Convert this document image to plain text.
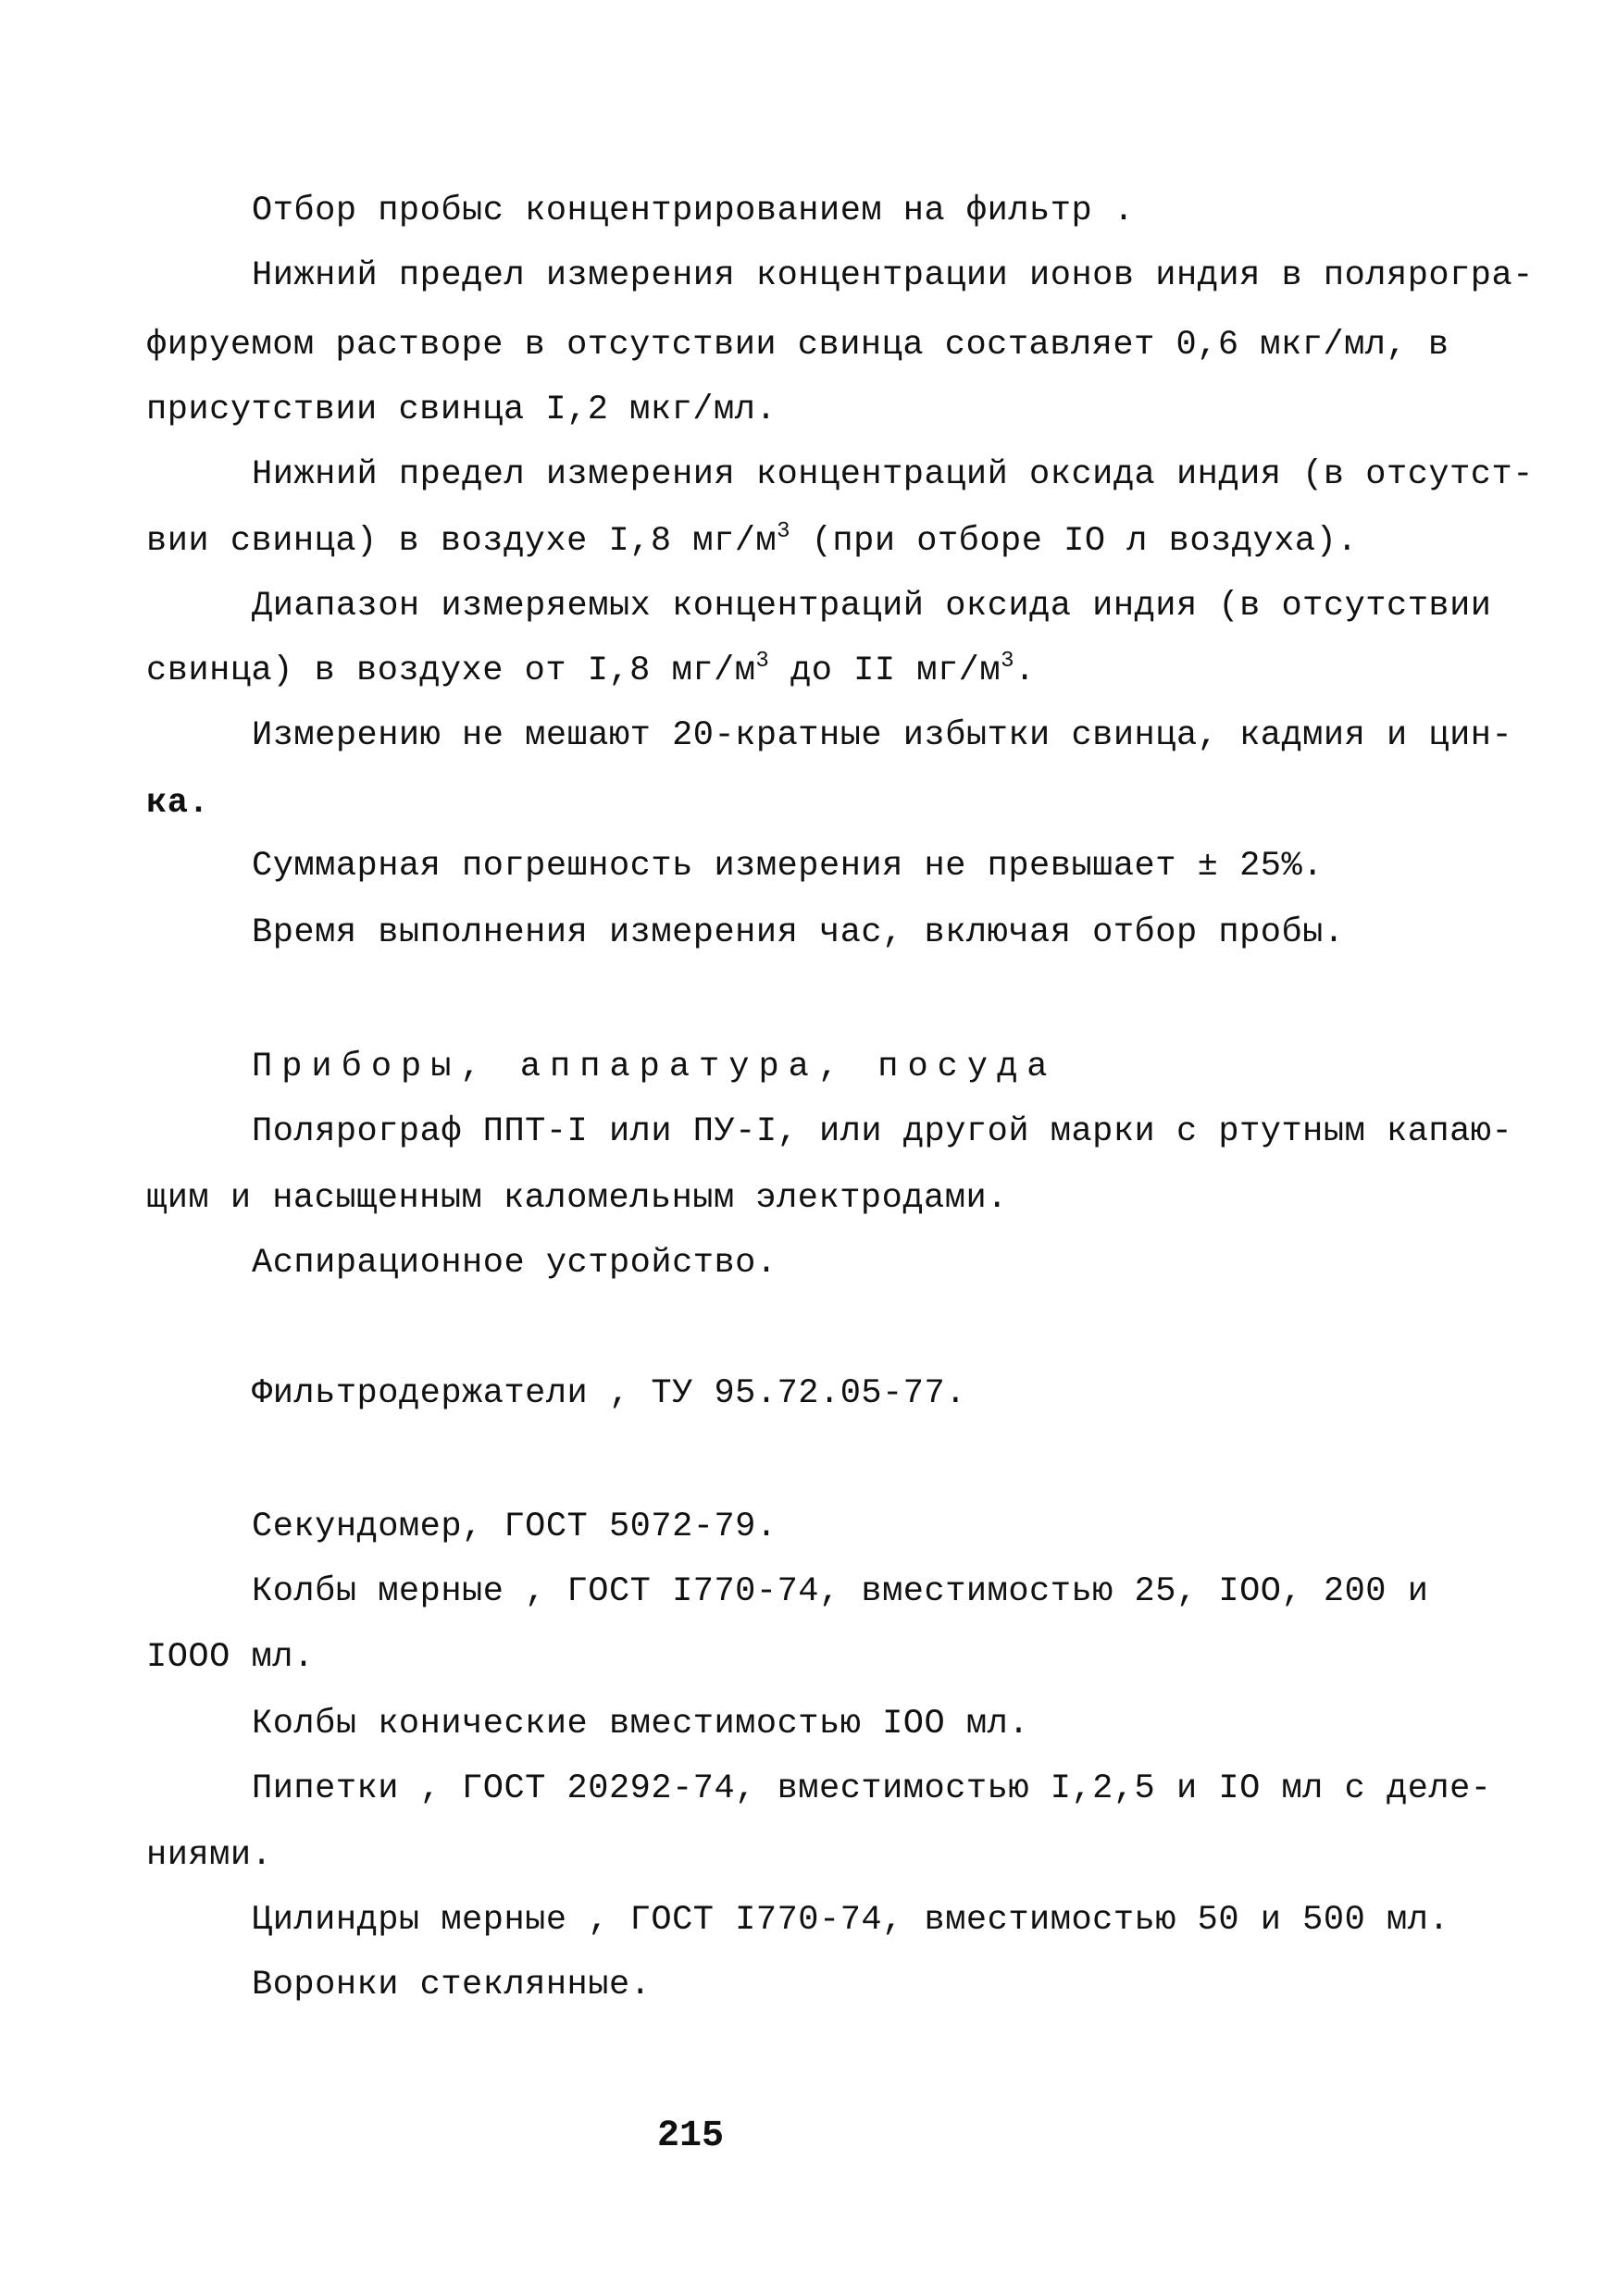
Отбор пробыс концентрированием на фильтр .
Нижний предел измерения концентрации ионов индия в полярогра-
фируемом растворе в отсутствии свинца составляет 0,6 мкг/мл, в
присутствии свинца I,2 мкг/мл.
Нижний предел измерения концентраций оксида индия (в отсутст-
вии свинца) в воздухе I,8 $мг/м^3$ (при отборе IO л воздуха).
Диапазон измеряемых концентраций оксида индия (в отсутствии
свинца) в воздухе от I,8 $мг/м^3$ до II $мг/м^3$.
Измерению не мешают 20-кратные избытки свинца, кадмия и цин-
ка.
Суммарная погрешность измерения не превышает ± 25%.
Время выполнения измерения час, включая отбор пробы.
Приборы, аппаратура, посуда
Полярограф ППТ-I или ПУ-I, или другой марки с ртутным капаю-
щим и насыщенным каломельным электродами.
Аспирационное устройство.
Фильтродержатели , ТУ 95.72.05-77.
Секундомер, ГОСТ 5072-79.
Колбы мерные , ГОСТ I770-74, вместимостью 25, IOO, 200 и
IOOO мл.
Колбы конические вместимостью IOO мл.
Пипетки , ГОСТ 20292-74, вместимостью I,2,5 и IO мл с деле-
ниями.
Цилиндры мерные , ГОСТ I770-74, вместимостью 50 и 500 мл.
Воронки стеклянные.
215
